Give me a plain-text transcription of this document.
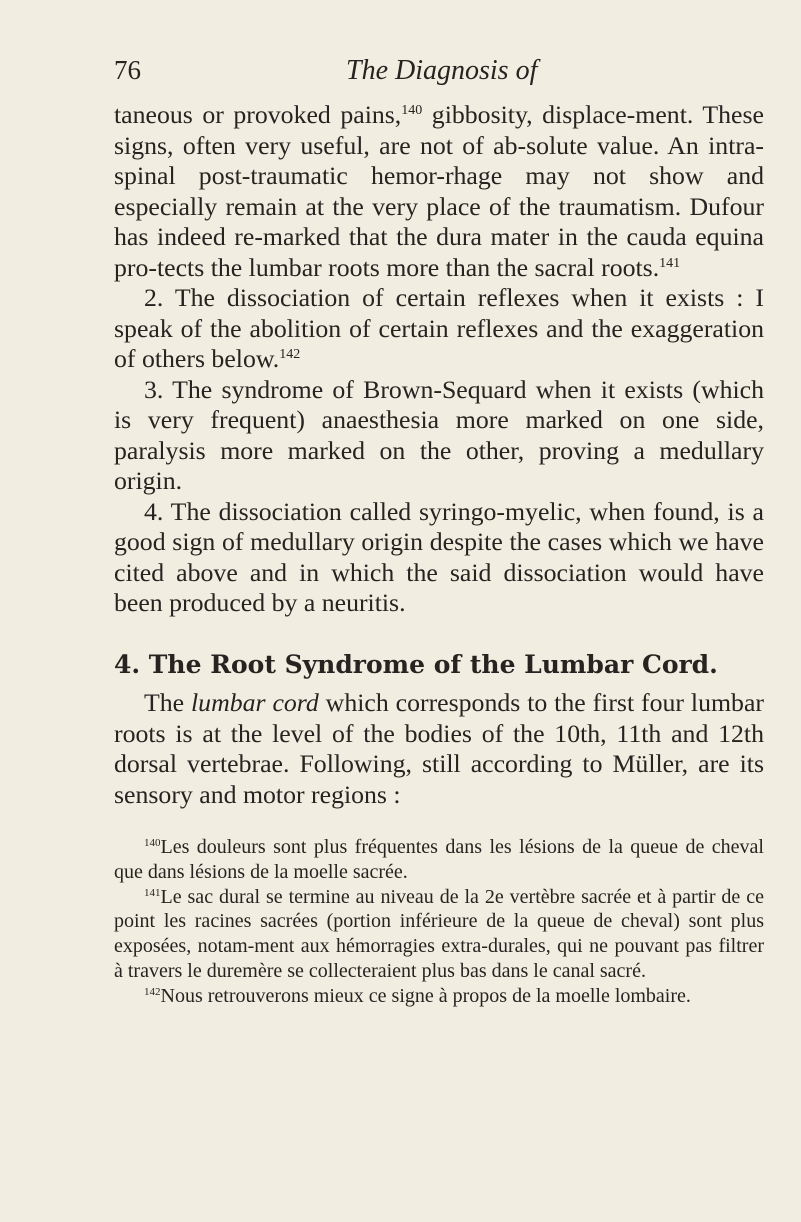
76	The Diagnosis of

taneous or provoked pains,$^{140}$ gibbosity, displace-ment. These signs, often very useful, are not of ab-solute value. An intra-spinal post-traumatic hemor-rhage may not show and especially remain at the very place of the traumatism. Dufour has indeed re-marked that the dura mater in the cauda equina pro-tects the lumbar roots more than the sacral roots.$^{141}$

2. The dissociation of certain reflexes when it exists : I speak of the abolition of certain reflexes and the exaggeration of others below.$^{142}$

3. The syndrome of Brown-Sequard when it exists (which is very frequent) anaesthesia more marked on one side, paralysis more marked on the other, proving a medullary origin.

4. The dissociation called syringo-myelic, when found, is a good sign of medullary origin despite the cases which we have cited above and in which the said dissociation would have been produced by a neuritis.

4. The Root Syndrome of the Lumbar Cord.

The lumbar cord which corresponds to the first four lumbar roots is at the level of the bodies of the 10th, 11th and 12th dorsal vertebrae. Following, still according to Müller, are its sensory and motor regions :

$^{140}$Les douleurs sont plus fréquentes dans les lésions de la queue de cheval que dans lésions de la moelle sacrée.

$^{141}$Le sac dural se termine au niveau de la 2e vertèbre sacrée et à partir de ce point les racines sacrées (portion inférieure de la queue de cheval) sont plus exposées, notam-ment aux hémorragies extra-durales, qui ne pouvant pas filtrer à travers le duremère se collecteraient plus bas dans le canal sacré.

$^{142}$Nous retrouverons mieux ce signe à propos de la moelle lombaire.
